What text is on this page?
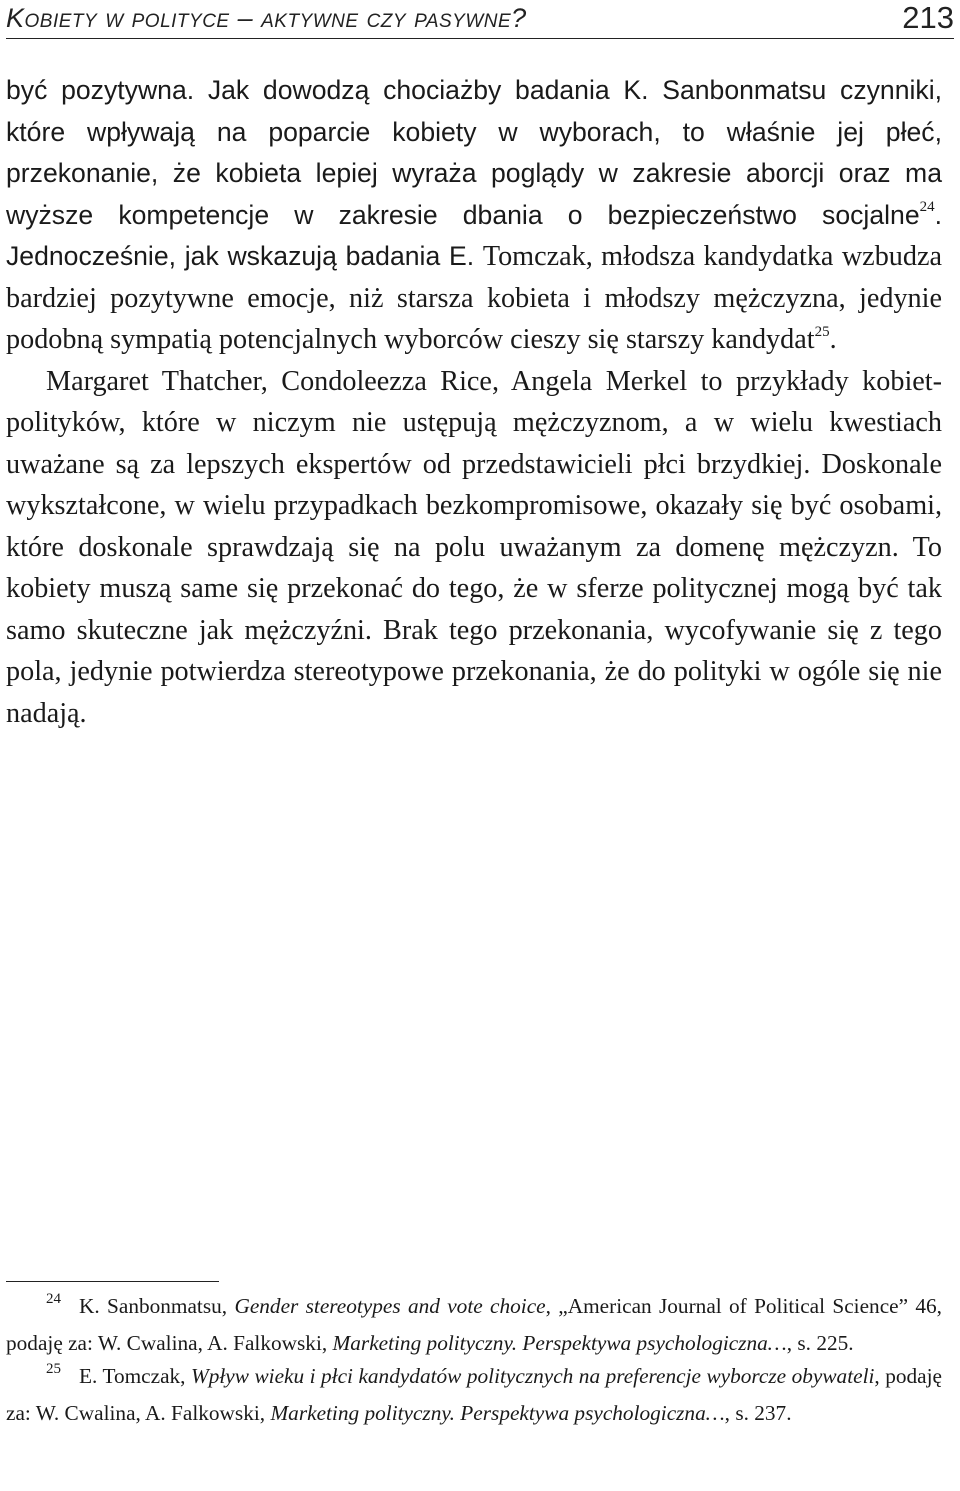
Kobiety w polityce – aktywne czy pasywne?	213

być pozytywna. Jak dowodzą chociażby badania K. Sanbonmatsu czynniki, które wpływają na poparcie kobiety w wyborach, to właśnie jej płeć, przekonanie, że kobieta lepiej wyraża poglądy w zakresie aborcji oraz ma wyższe kompetencje w zakresie dbania o bezpieczeństwo socjalne$^{24}$. Jednocześnie, jak wskazują badania E. Tomczak, młodsza kandydatka wzbudza bardziej pozytywne emocje, niż starsza kobieta i młodszy mężczyzna, jedynie podobną sympatią potencjalnych wyborców cieszy się starszy kandydat$^{25}$.

Margaret Thatcher, Condoleezza Rice, Angela Merkel to przykłady kobiet-polityków, które w niczym nie ustępują mężczyznom, a w wielu kwestiach uważane są za lepszych ekspertów od przedstawicieli płci brzydkiej. Doskonale wykształcone, w wielu przypadkach bezkompromisowe, okazały się być osobami, które doskonale sprawdzają się na polu uważanym za domenę mężczyzn. To kobiety muszą same się przekonać do tego, że w sferze politycznej mogą być tak samo skuteczne jak mężczyźni. Brak tego przekonania, wycofywanie się z tego pola, jedynie potwierdza stereotypowe przekonania, że do polityki w ogóle się nie nadają.

24 K. Sanbonmatsu, Gender stereotypes and vote choice, „American Journal of Political Science” 46, podaję za: W. Cwalina, A. Falkowski, Marketing polityczny. Perspektywa psychologiczna…, s. 225.

25 E. Tomczak, Wpływ wieku i płci kandydatów politycznych na preferencje wyborcze obywateli, podaję za: W. Cwalina, A. Falkowski, Marketing polityczny. Perspektywa psychologiczna…, s. 237.
